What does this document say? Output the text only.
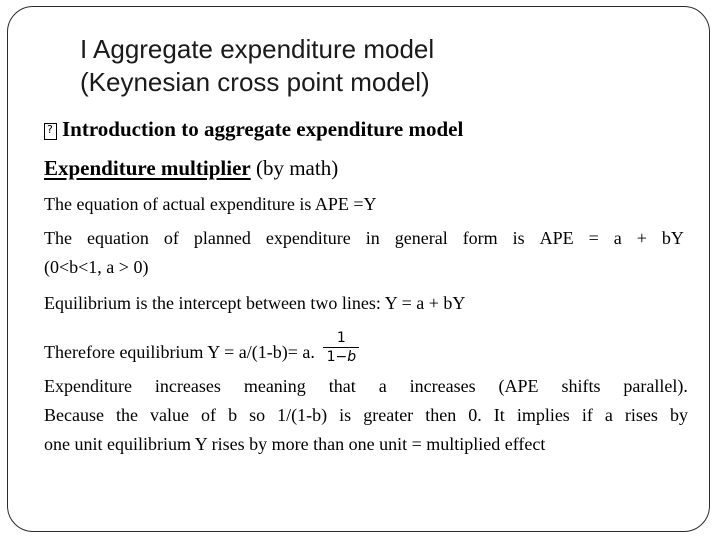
I Aggregate expenditure model
(Keynesian cross point model)
? Introduction to aggregate expenditure model
Expenditure multiplier (by math)
The equation of actual expenditure is APE =Y
The equation of planned expenditure in general form is APE = a + bY
(0<b<1, a > 0)
Equilibrium is the intercept between two lines: Y = a + bY
Therefore equilibrium Y = a/(1-b)= a. $\frac{1}{1-b}$
Expenditure increases meaning that a increases (APE shifts parallel).
Because the value of b so 1/(1-b) is greater then 0. It implies if a rises by
one unit equilibrium Y rises by more than one unit = multiplied effect
